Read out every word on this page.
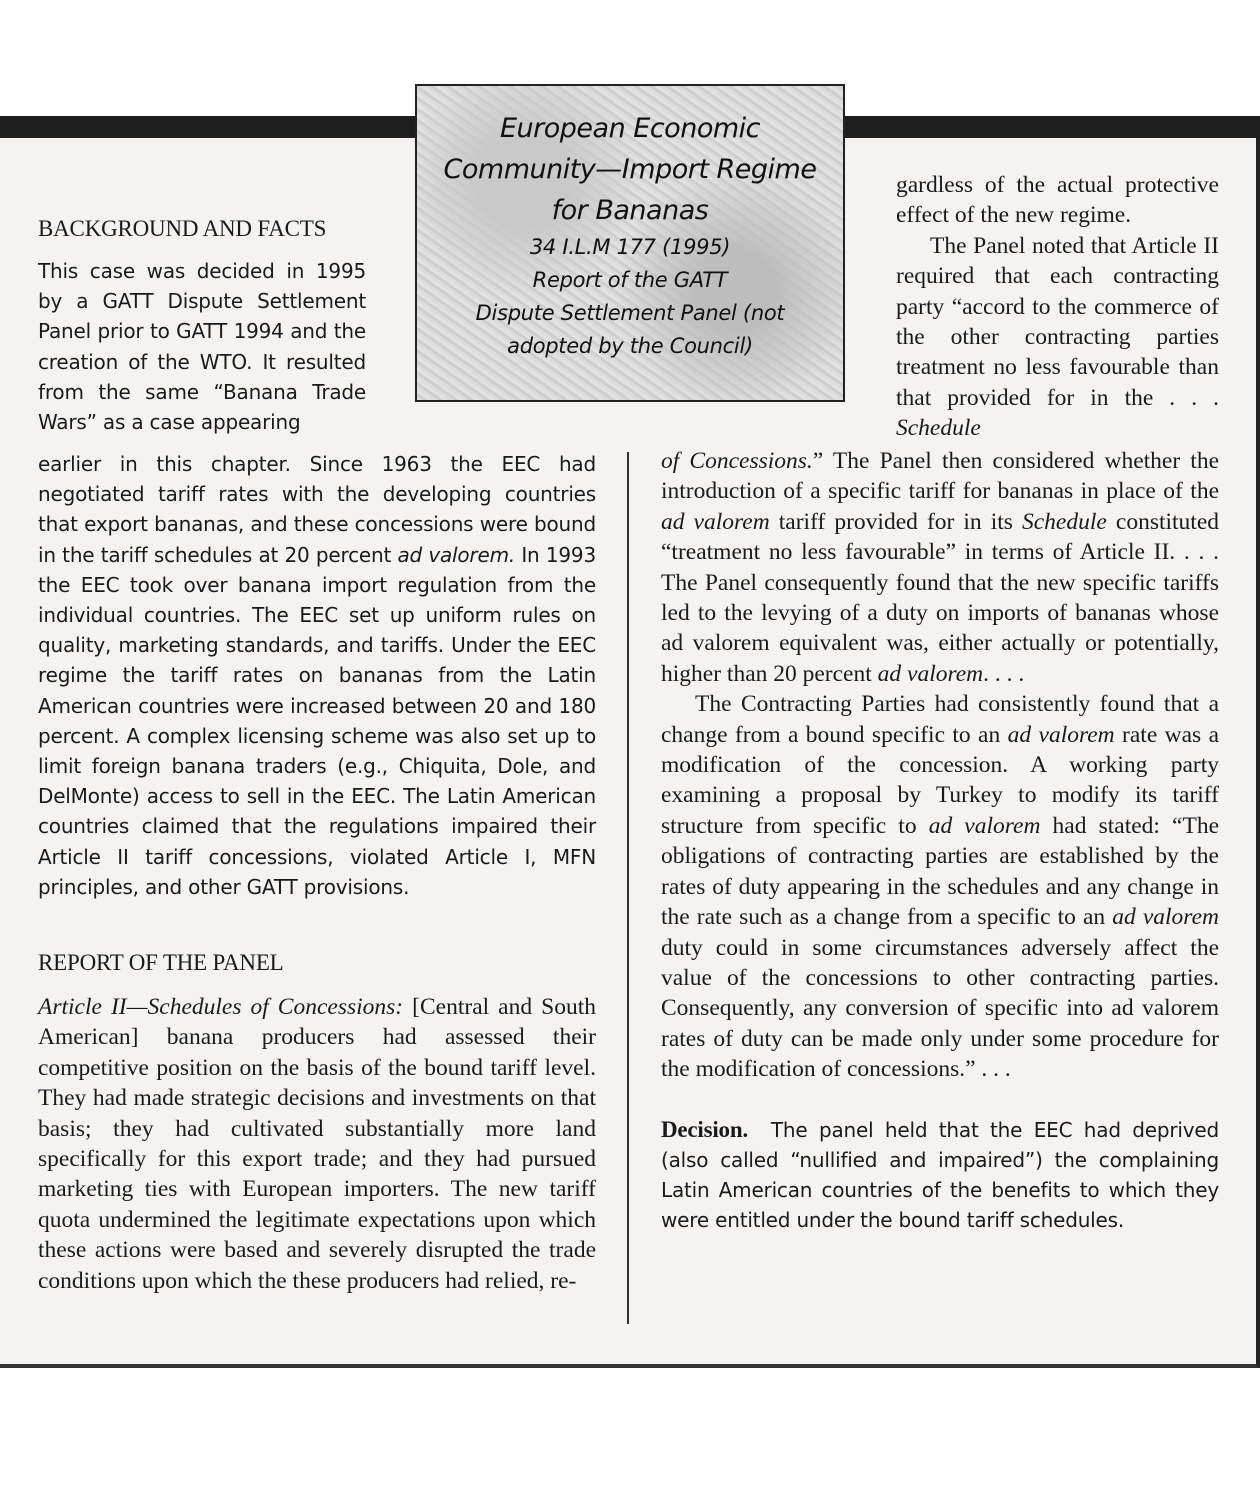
European Economic
Community—Import Regime
for Bananas
34 I.L.M 177 (1995)
Report of the GATT
Dispute Settlement Panel (not
adopted by the Council)
BACKGROUND AND FACTS

This case was decided in 1995 by a GATT Dispute Settlement Panel prior to GATT 1994 and the creation of the WTO. It resulted from the same “Banana Trade Wars” as a case appearing

earlier in this chapter. Since 1963 the EEC had negotiated tariff rates with the developing countries that export bananas, and these concessions were bound in the tariff schedules at 20 percent ad valorem. In 1993 the EEC took over banana import regulation from the individual countries. The EEC set up uniform rules on quality, marketing standards, and tariffs. Under the EEC regime the tariff rates on bananas from the Latin American countries were increased between 20 and 180 percent. A complex licensing scheme was also set up to limit foreign banana traders (e.g., Chiquita, Dole, and DelMonte) access to sell in the EEC. The Latin American countries claimed that the regulations impaired their Article II tariff concessions, violated Article I, MFN principles, and other GATT provisions.

REPORT OF THE PANEL

Article II—Schedules of Concessions: [Central and South American] banana producers had assessed their competitive position on the basis of the bound tariff level. They had made strategic decisions and investments on that basis; they had cultivated substantially more land specifically for this export trade; and they had pursued marketing ties with European importers. The new tariff quota undermined the legitimate expectations upon which these actions were based and severely disrupted the trade conditions upon which the these producers had relied, re-

gardless of the actual protective effect of the new regime.

The Panel noted that Article II required that each contracting party “accord to the commerce of the other contracting parties treatment no less favourable than that provided for in the . . . Schedule

of Concessions.” The Panel then considered whether the introduction of a specific tariff for bananas in place of the ad valorem tariff provided for in its Schedule constituted “treatment no less favourable” in terms of Article II. . . . The Panel consequently found that the new specific tariffs led to the levying of a duty on imports of bananas whose ad valorem equivalent was, either actually or potentially, higher than 20 percent ad valorem. . . .

The Contracting Parties had consistently found that a change from a bound specific to an ad valorem rate was a modification of the concession. A working party examining a proposal by Turkey to modify its tariff structure from specific to ad valorem had stated: “The obligations of contracting parties are established by the rates of duty appearing in the schedules and any change in the rate such as a change from a specific to an ad valorem duty could in some circumstances adversely affect the value of the concessions to other contracting parties. Consequently, any conversion of specific into ad valorem rates of duty can be made only under some procedure for the modification of concessions.” . . .

Decision. The panel held that the EEC had deprived (also called “nullified and impaired”) the complaining Latin American countries of the benefits to which they were entitled under the bound tariff schedules.
